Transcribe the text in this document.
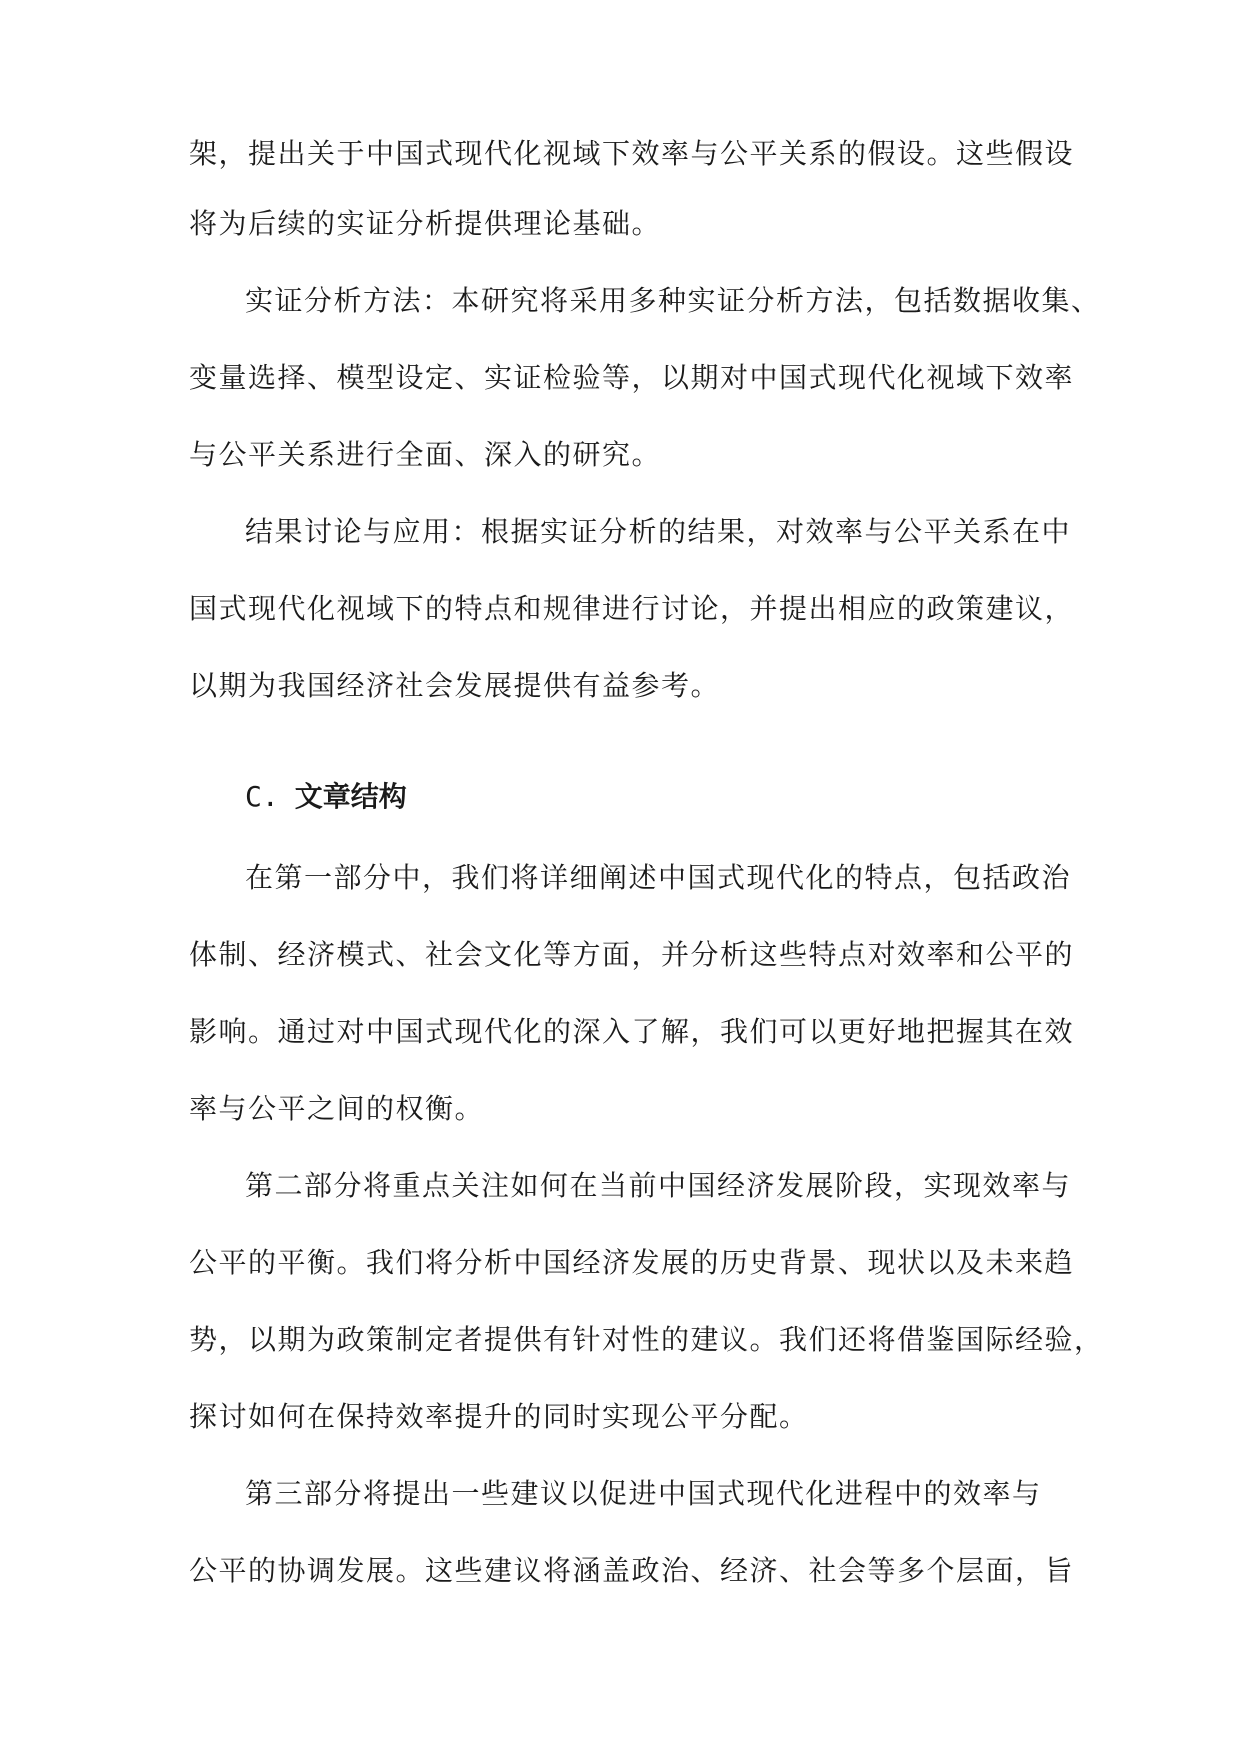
架，提出关于中国式现代化视域下效率与公平关系的假设。这些假设
将为后续的实证分析提供理论基础。
实证分析方法：本研究将采用多种实证分析方法，包括数据收集、
变量选择、模型设定、实证检验等，以期对中国式现代化视域下效率
与公平关系进行全面、深入的研究。
结果讨论与应用：根据实证分析的结果，对效率与公平关系在中
国式现代化视域下的特点和规律进行讨论，并提出相应的政策建议，
以期为我国经济社会发展提供有益参考。
C. 文章结构
在第一部分中，我们将详细阐述中国式现代化的特点，包括政治
体制、经济模式、社会文化等方面，并分析这些特点对效率和公平的
影响。通过对中国式现代化的深入了解，我们可以更好地把握其在效
率与公平之间的权衡。
第二部分将重点关注如何在当前中国经济发展阶段，实现效率与
公平的平衡。我们将分析中国经济发展的历史背景、现状以及未来趋
势，以期为政策制定者提供有针对性的建议。我们还将借鉴国际经验，
探讨如何在保持效率提升的同时实现公平分配。
第三部分将提出一些建议以促进中国式现代化进程中的效率与
公平的协调发展。这些建议将涵盖政治、经济、社会等多个层面，旨
